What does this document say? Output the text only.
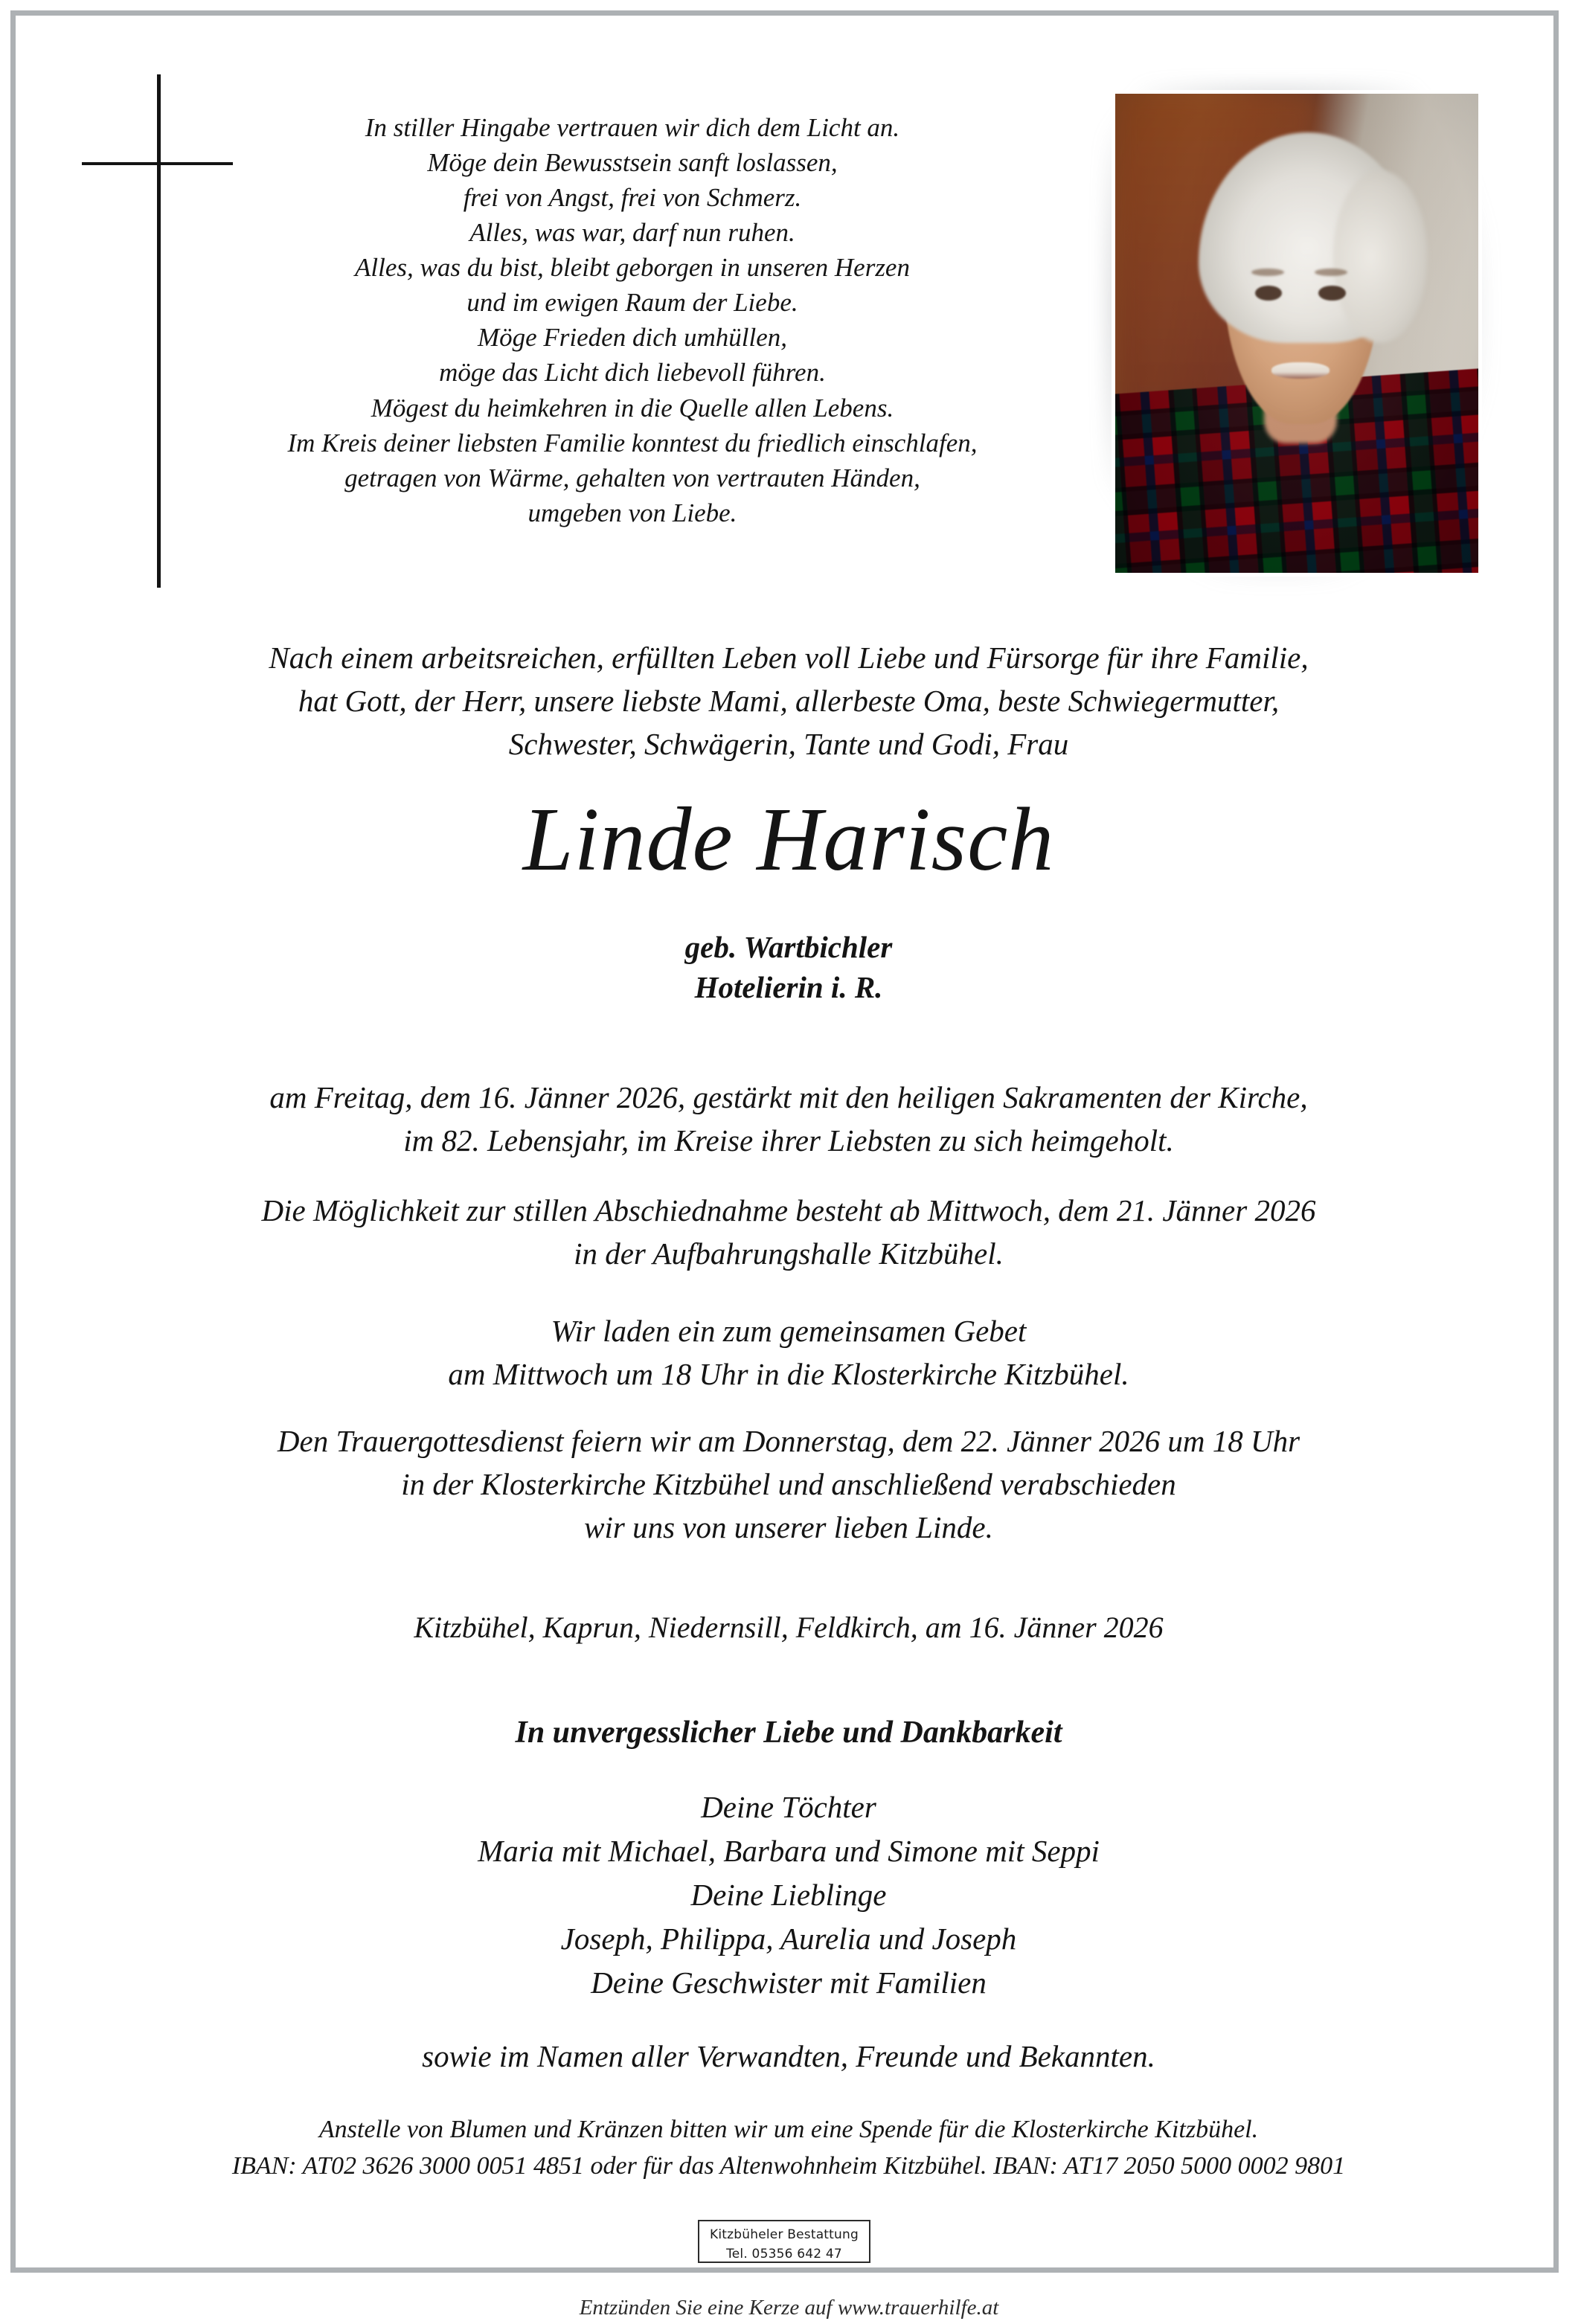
In stiller Hingabe vertrauen wir dich dem Licht an.
Möge dein Bewusstsein sanft loslassen,
frei von Angst, frei von Schmerz.
Alles, was war, darf nun ruhen.
Alles, was du bist, bleibt geborgen in unseren Herzen
und im ewigen Raum der Liebe.
Möge Frieden dich umhüllen,
möge das Licht dich liebevoll führen.
Mögest du heimkehren in die Quelle allen Lebens.
Im Kreis deiner liebsten Familie konntest du friedlich einschlafen,
getragen von Wärme, gehalten von vertrauten Händen,
umgeben von Liebe.
Nach einem arbeitsreichen, erfüllten Leben voll Liebe und Fürsorge für ihre Familie,
hat Gott, der Herr, unsere liebste Mami, allerbeste Oma, beste Schwiegermutter,
Schwester, Schwägerin, Tante und Godi, Frau
Linde Harisch
geb. Wartbichler
Hotelierin i. R.
am Freitag, dem 16. Jänner 2026, gestärkt mit den heiligen Sakramenten der Kirche,
im 82. Lebensjahr, im Kreise ihrer Liebsten zu sich heimgeholt.
Die Möglichkeit zur stillen Abschiednahme besteht ab Mittwoch, dem 21. Jänner 2026
in der Aufbahrungshalle Kitzbühel.
Wir laden ein zum gemeinsamen Gebet
am Mittwoch um 18 Uhr in die Klosterkirche Kitzbühel.
Den Trauergottesdienst feiern wir am Donnerstag, dem 22. Jänner 2026 um 18 Uhr
in der Klosterkirche Kitzbühel und anschließend verabschieden
wir uns von unserer lieben Linde.
Kitzbühel, Kaprun, Niedernsill, Feldkirch, am 16. Jänner 2026
In unvergesslicher Liebe und Dankbarkeit
Deine Töchter
Maria mit Michael, Barbara und Simone mit Seppi
Deine Lieblinge
Joseph, Philippa, Aurelia und Joseph
Deine Geschwister mit Familien
sowie im Namen aller Verwandten, Freunde und Bekannten.
Anstelle von Blumen und Kränzen bitten wir um eine Spende für die Klosterkirche Kitzbühel.
IBAN: AT02 3626 3000 0051 4851 oder für das Altenwohnheim Kitzbühel. IBAN: AT17 2050 5000 0002 9801
Kitzbüheler Bestattung
Tel. 05356 642 47
Entzünden Sie eine Kerze auf www.trauerhilfe.at
